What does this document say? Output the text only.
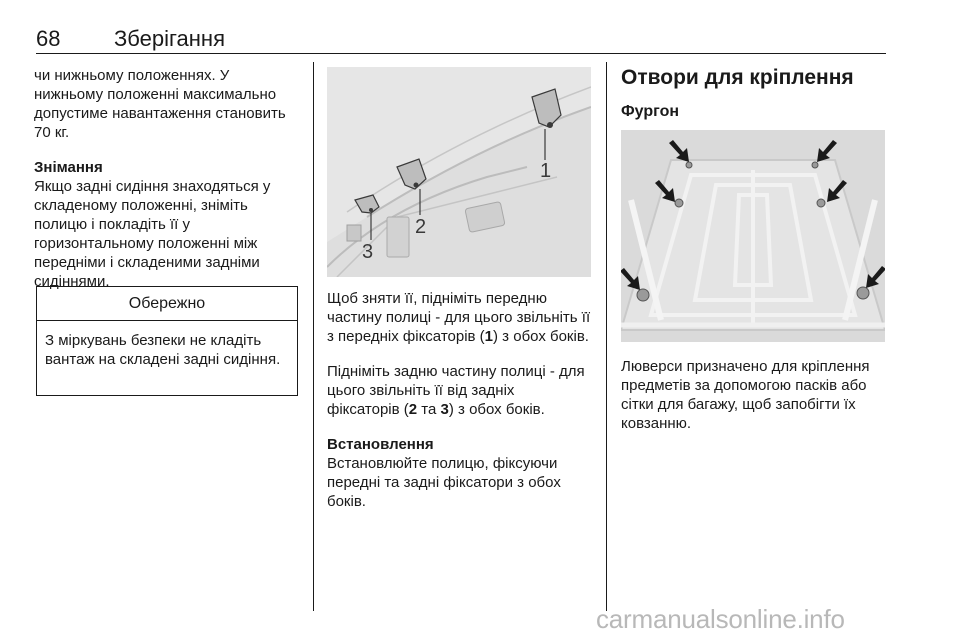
68 Зберігання

чи нижньому положеннях. У нижньому положенні максимально допустиме навантаження становить 70 кг.

Знімання

Якщо задні сидіння знаходяться у складеному положенні, зніміть полицю і покладіть її у горизонтальному положенні між передніми і складеними задніми сидіннями.

Обережно
З міркувань безпеки не кладіть вантаж на складені задні сидіння.
1
2
3

Щоб зняти її, підніміть передню частину полиці - для цього звільніть її з передніх фіксаторів (1) з обох боків.

Підніміть задню частину полиці - для цього звільніть її від задніх фіксаторів (2 та 3) з обох боків.

Встановлення

Встановлюйте полицю, фіксуючи передні та задні фіксатори з обох боків.

Отвори для кріплення
Фургон

Люверси призначено для кріплення предметів за допомогою пасків або сітки для багажу, щоб запобігти їх ковзанню.

carmanualsonline.info
